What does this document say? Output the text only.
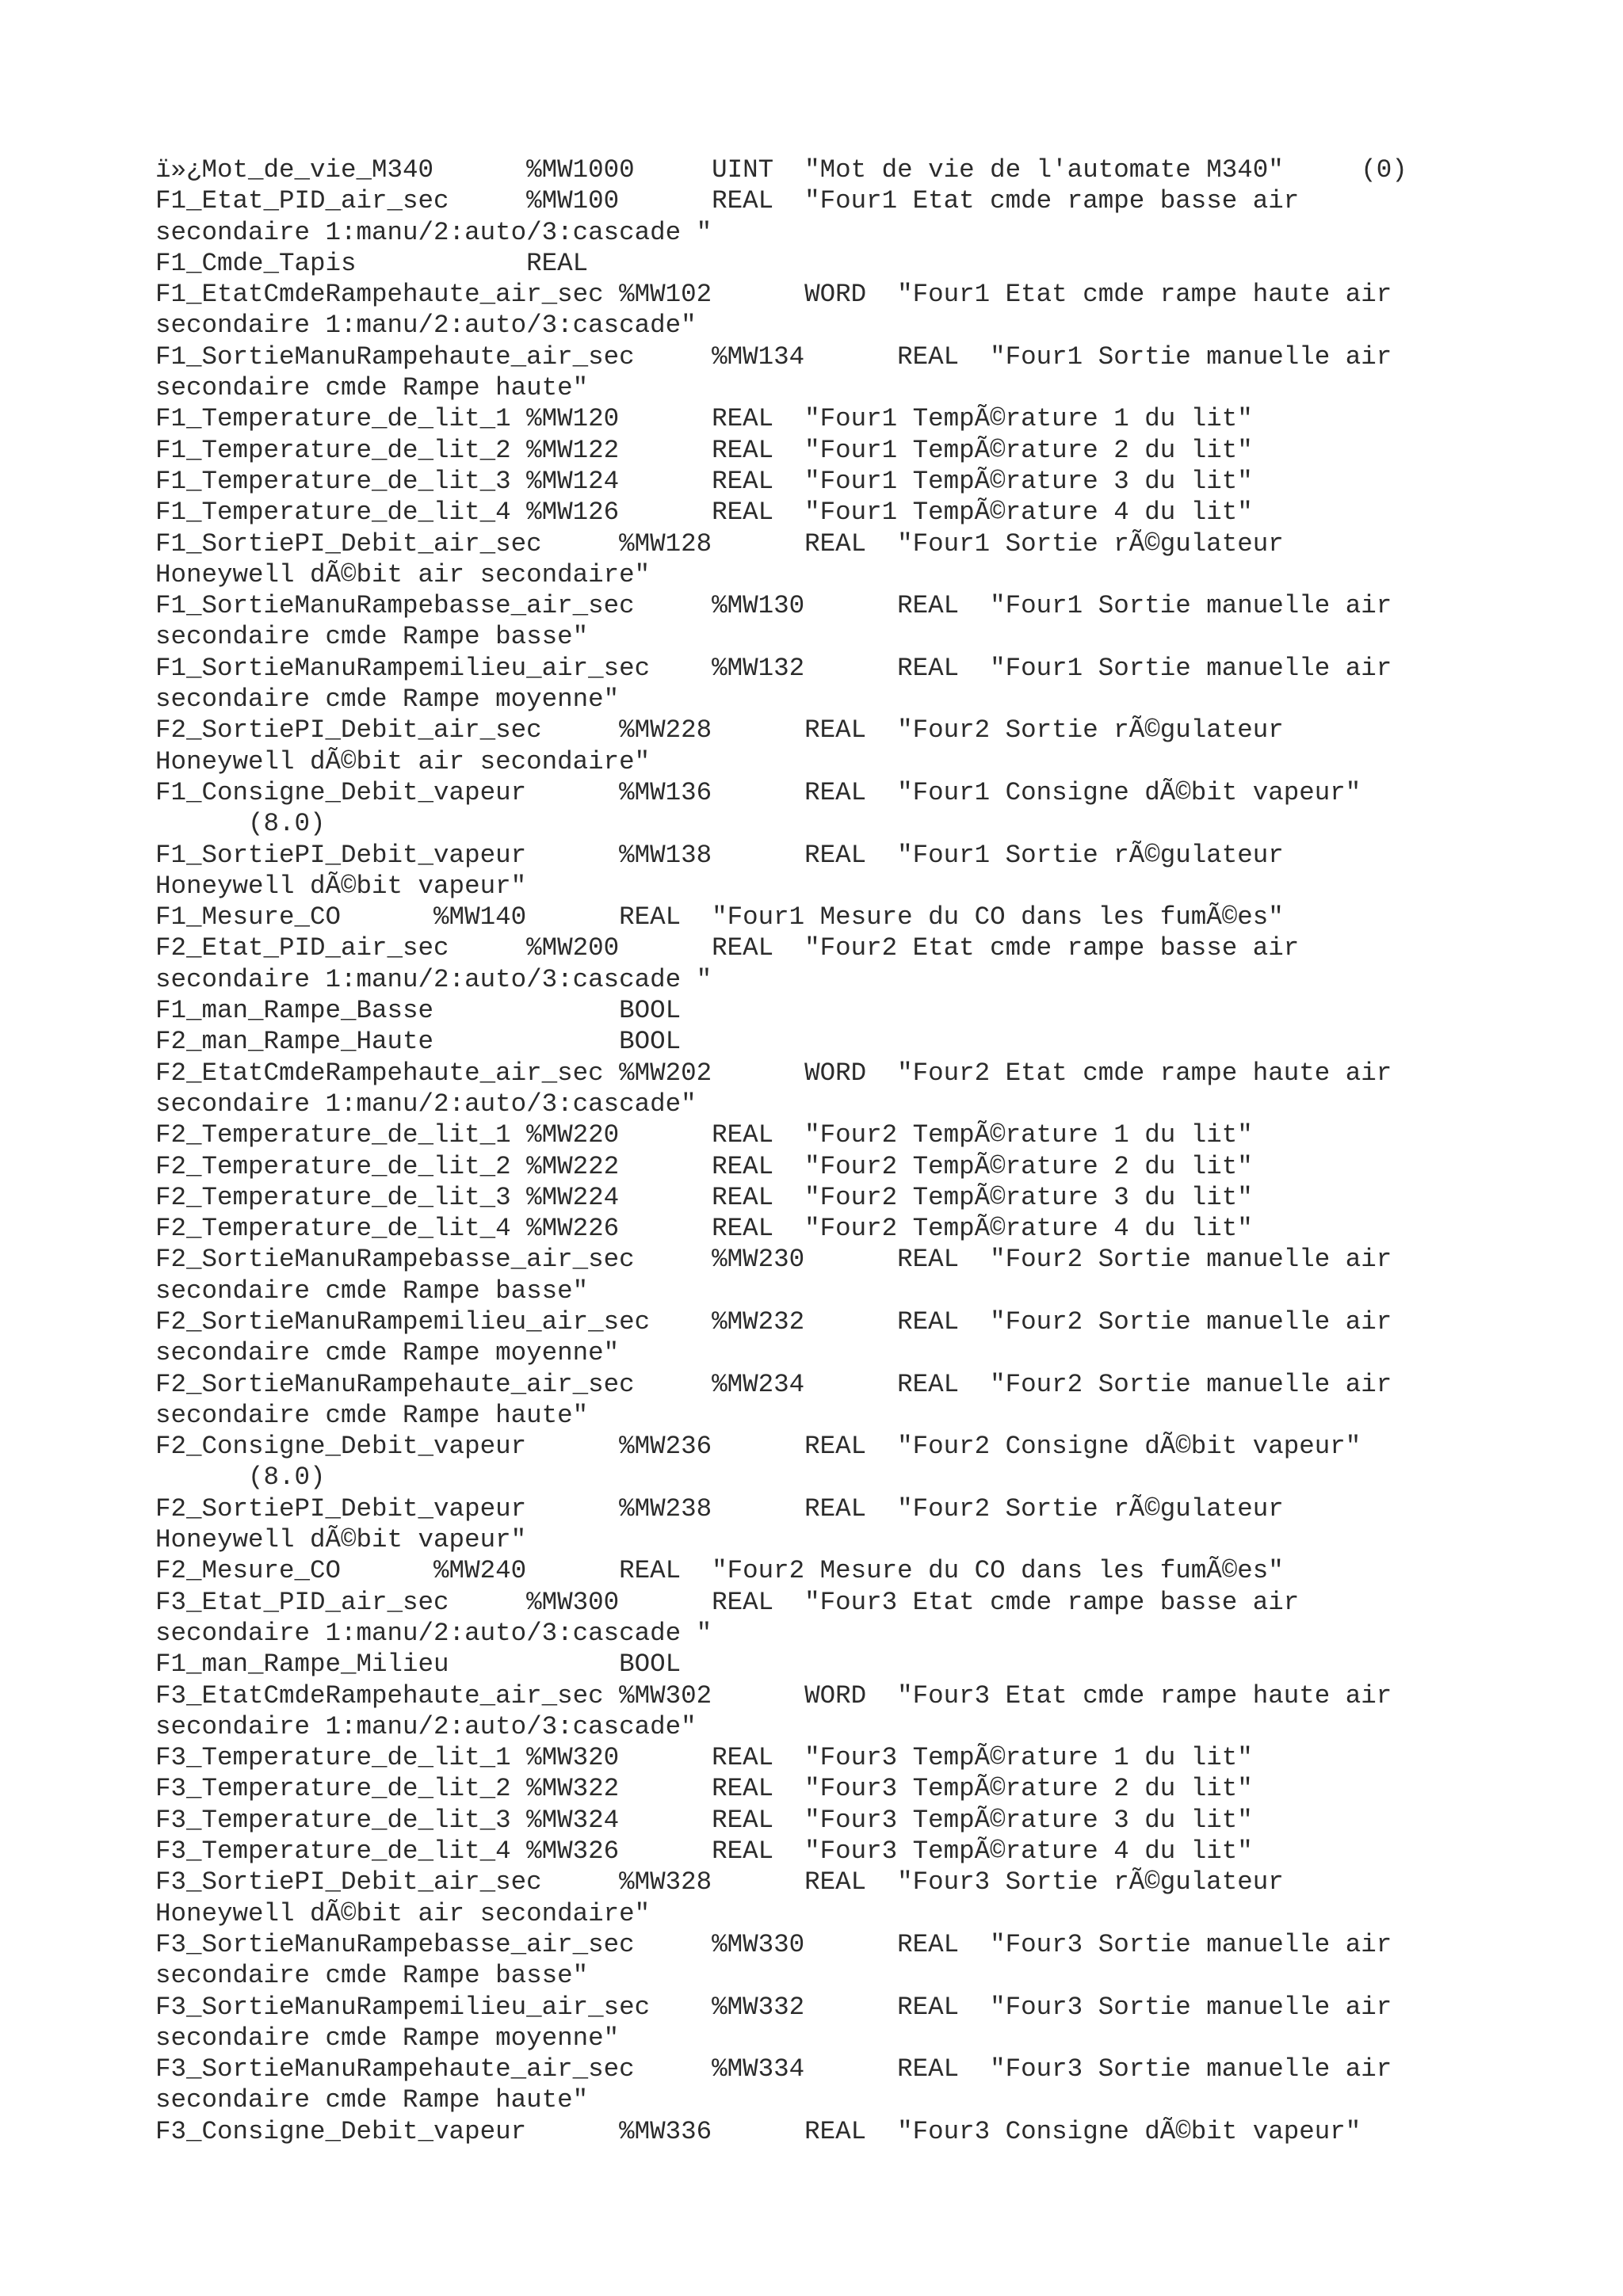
ï»¿Mot_de_vie_M340      %MW1000     UINT  "Mot de vie de l'automate M340"     (0)
F1_Etat_PID_air_sec     %MW100      REAL  "Four1 Etat cmde rampe basse air
secondaire 1:manu/2:auto/3:cascade "
F1_Cmde_Tapis           REAL
F1_EtatCmdeRampehaute_air_sec %MW102      WORD  "Four1 Etat cmde rampe haute air
secondaire 1:manu/2:auto/3:cascade"
F1_SortieManuRampehaute_air_sec     %MW134      REAL  "Four1 Sortie manuelle air
secondaire cmde Rampe haute"
F1_Temperature_de_lit_1 %MW120      REAL  "Four1 TempÃ©rature 1 du lit"
F1_Temperature_de_lit_2 %MW122      REAL  "Four1 TempÃ©rature 2 du lit"
F1_Temperature_de_lit_3 %MW124      REAL  "Four1 TempÃ©rature 3 du lit"
F1_Temperature_de_lit_4 %MW126      REAL  "Four1 TempÃ©rature 4 du lit"
F1_SortiePI_Debit_air_sec     %MW128      REAL  "Four1 Sortie rÃ©gulateur
Honeywell dÃ©bit air secondaire"
F1_SortieManuRampebasse_air_sec     %MW130      REAL  "Four1 Sortie manuelle air
secondaire cmde Rampe basse"
F1_SortieManuRampemilieu_air_sec    %MW132      REAL  "Four1 Sortie manuelle air
secondaire cmde Rampe moyenne"
F2_SortiePI_Debit_air_sec     %MW228      REAL  "Four2 Sortie rÃ©gulateur
Honeywell dÃ©bit air secondaire"
F1_Consigne_Debit_vapeur      %MW136      REAL  "Four1 Consigne dÃ©bit vapeur"
(8.0)
F1_SortiePI_Debit_vapeur      %MW138      REAL  "Four1 Sortie rÃ©gulateur
Honeywell dÃ©bit vapeur"
F1_Mesure_CO      %MW140      REAL  "Four1 Mesure du CO dans les fumÃ©es"
F2_Etat_PID_air_sec     %MW200      REAL  "Four2 Etat cmde rampe basse air
secondaire 1:manu/2:auto/3:cascade "
F1_man_Rampe_Basse            BOOL
F2_man_Rampe_Haute            BOOL
F2_EtatCmdeRampehaute_air_sec %MW202      WORD  "Four2 Etat cmde rampe haute air
secondaire 1:manu/2:auto/3:cascade"
F2_Temperature_de_lit_1 %MW220      REAL  "Four2 TempÃ©rature 1 du lit"
F2_Temperature_de_lit_2 %MW222      REAL  "Four2 TempÃ©rature 2 du lit"
F2_Temperature_de_lit_3 %MW224      REAL  "Four2 TempÃ©rature 3 du lit"
F2_Temperature_de_lit_4 %MW226      REAL  "Four2 TempÃ©rature 4 du lit"
F2_SortieManuRampebasse_air_sec     %MW230      REAL  "Four2 Sortie manuelle air
secondaire cmde Rampe basse"
F2_SortieManuRampemilieu_air_sec    %MW232      REAL  "Four2 Sortie manuelle air
secondaire cmde Rampe moyenne"
F2_SortieManuRampehaute_air_sec     %MW234      REAL  "Four2 Sortie manuelle air
secondaire cmde Rampe haute"
F2_Consigne_Debit_vapeur      %MW236      REAL  "Four2 Consigne dÃ©bit vapeur"
(8.0)
F2_SortiePI_Debit_vapeur      %MW238      REAL  "Four2 Sortie rÃ©gulateur
Honeywell dÃ©bit vapeur"
F2_Mesure_CO      %MW240      REAL  "Four2 Mesure du CO dans les fumÃ©es"
F3_Etat_PID_air_sec     %MW300      REAL  "Four3 Etat cmde rampe basse air
secondaire 1:manu/2:auto/3:cascade "
F1_man_Rampe_Milieu           BOOL
F3_EtatCmdeRampehaute_air_sec %MW302      WORD  "Four3 Etat cmde rampe haute air
secondaire 1:manu/2:auto/3:cascade"
F3_Temperature_de_lit_1 %MW320      REAL  "Four3 TempÃ©rature 1 du lit"
F3_Temperature_de_lit_2 %MW322      REAL  "Four3 TempÃ©rature 2 du lit"
F3_Temperature_de_lit_3 %MW324      REAL  "Four3 TempÃ©rature 3 du lit"
F3_Temperature_de_lit_4 %MW326      REAL  "Four3 TempÃ©rature 4 du lit"
F3_SortiePI_Debit_air_sec     %MW328      REAL  "Four3 Sortie rÃ©gulateur
Honeywell dÃ©bit air secondaire"
F3_SortieManuRampebasse_air_sec     %MW330      REAL  "Four3 Sortie manuelle air
secondaire cmde Rampe basse"
F3_SortieManuRampemilieu_air_sec    %MW332      REAL  "Four3 Sortie manuelle air
secondaire cmde Rampe moyenne"
F3_SortieManuRampehaute_air_sec     %MW334      REAL  "Four3 Sortie manuelle air
secondaire cmde Rampe haute"
F3_Consigne_Debit_vapeur      %MW336      REAL  "Four3 Consigne dÃ©bit vapeur"
